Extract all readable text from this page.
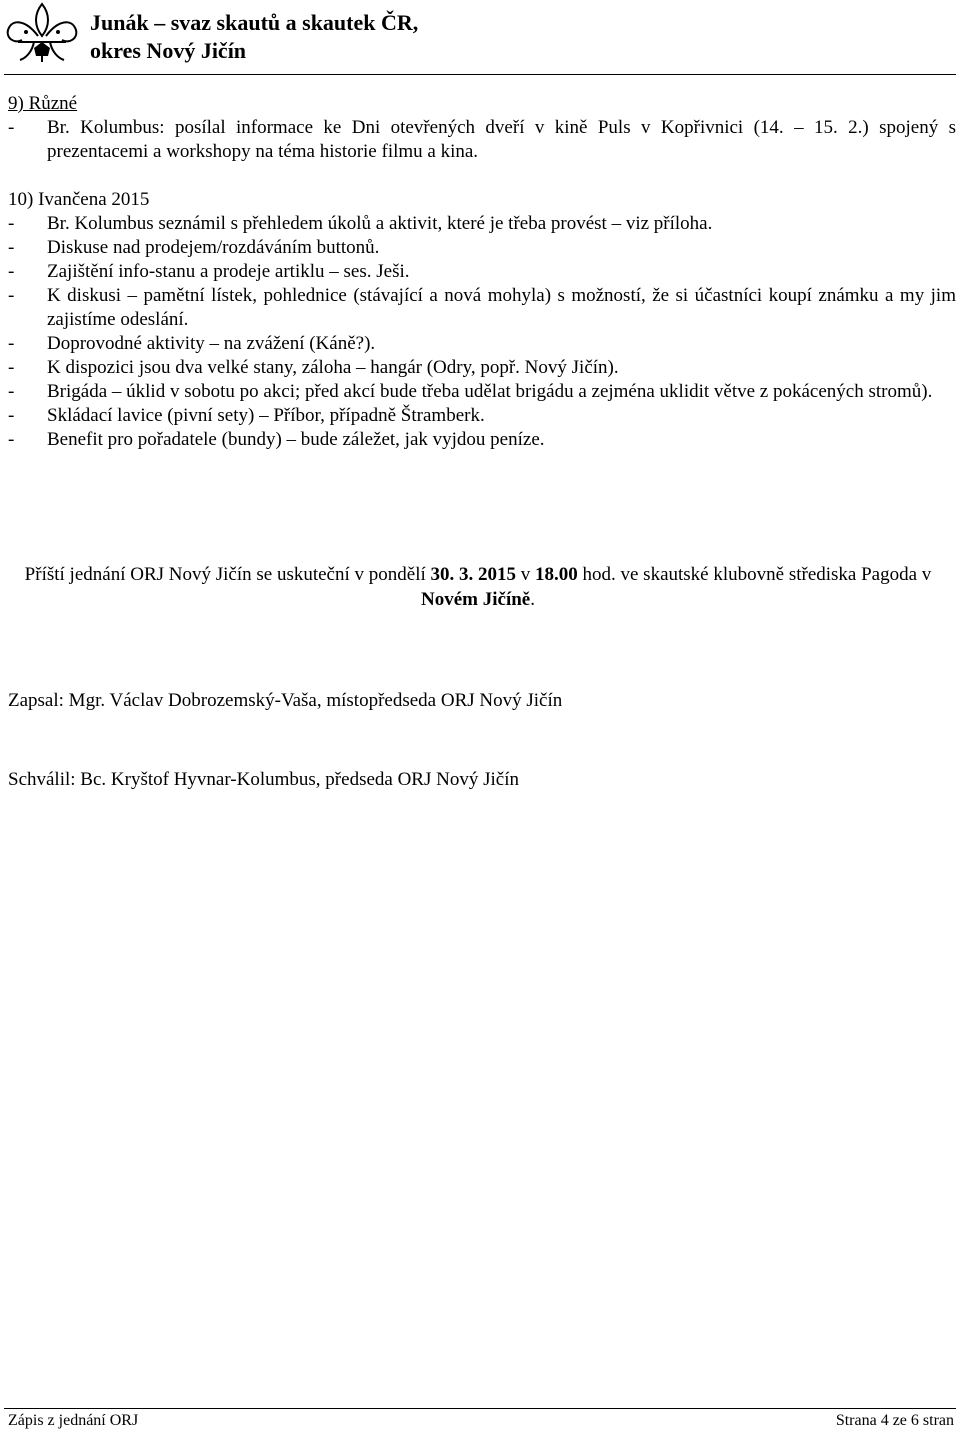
Junák – svaz skautů a skautek ČR,
okres Nový Jičín
9) Různé
-	Br. Kolumbus: posílal informace ke Dni otevřených dveří v kině Puls v Kopřivnici (14. – 15. 2.) spojený s prezentacemi a workshopy na téma historie filmu a kina.
10) Ivančena 2015
-	Br. Kolumbus seznámil s přehledem úkolů a aktivit, které je třeba provést – viz příloha.
-	Diskuse nad prodejem/rozdáváním buttonů.
-	Zajištění info-stanu a prodeje artiklu – ses. Ješi.
-	K diskusi – pamětní lístek, pohlednice (stávající a nová mohyla) s možností, že si účastníci koupí známku a my jim zajistíme odeslání.
-	Doprovodné aktivity – na zvážení (Káně?).
-	K dispozici jsou dva velké stany, záloha – hangár (Odry, popř. Nový Jičín).
-	Brigáda – úklid v sobotu po akci; před akcí bude třeba udělat brigádu a zejména uklidit větve z pokácených stromů).
-	Skládací lavice (pivní sety) – Příbor, případně Štramberk.
-	Benefit pro pořadatele (bundy) – bude záležet, jak vyjdou peníze.
Příští jednání ORJ Nový Jičín se uskuteční v pondělí 30. 3. 2015 v 18.00 hod. ve skautské klubovně střediska Pagoda v Novém Jičíně.
Zapsal: Mgr. Václav Dobrozemský-Vaša, místopředseda ORJ Nový Jičín
Schválil: Bc. Kryštof Hyvnar-Kolumbus, předseda ORJ Nový Jičín
Zápis z jednání ORJ	Strana 4 ze 6 stran
